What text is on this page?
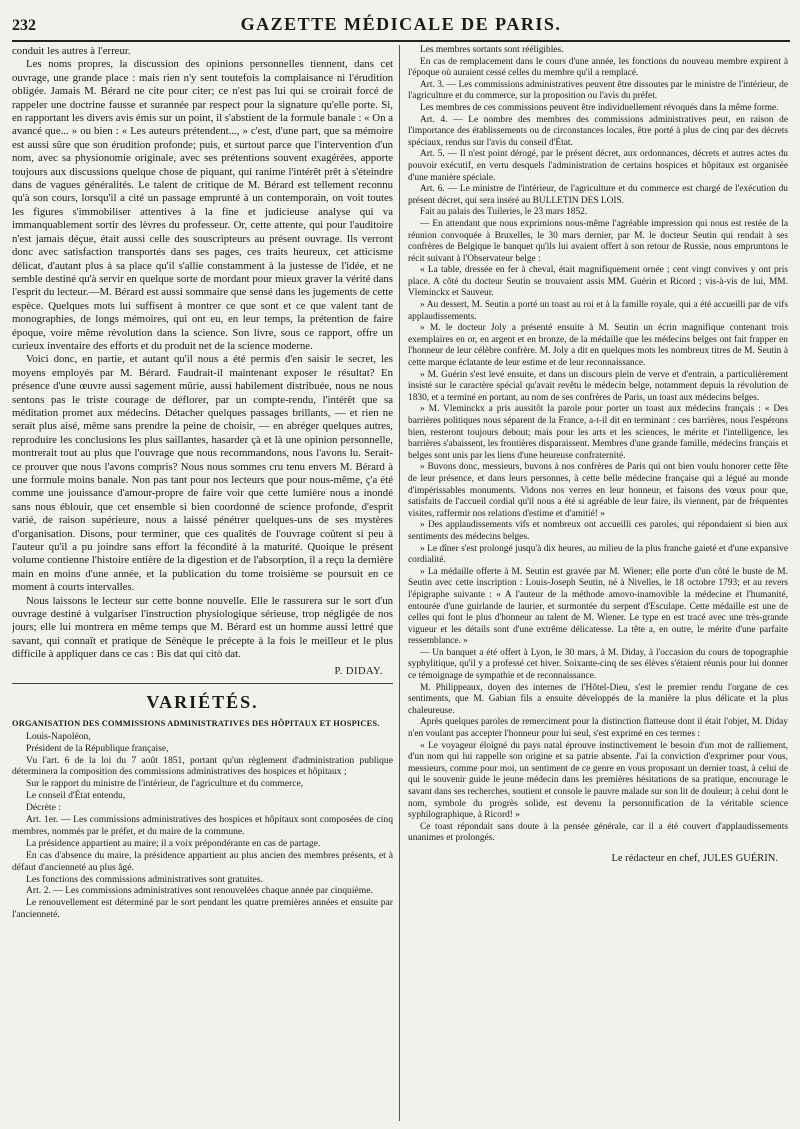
232	GAZETTE MÉDICALE DE PARIS.

conduit les autres à l'erreur.

Les noms propres, la discussion des opinions personnelles tiennent, dans cet ouvrage, une grande place : mais rien n'y sent toutefois la complaisance ni l'érudition obligée. Jamais M. Bérard ne cite pour citer; ce n'est pas lui qui se croirait forcé de rappeler une doctrine fausse et surannée par respect pour la signature qu'elle porte. Si, en rapportant les divers avis émis sur un point, il s'abstient de la formule banale : « On a avancé que... » ou bien : « Les auteurs prétendent..., » c'est, d'une part, que sa mémoire est aussi sûre que son érudition profonde; puis, et surtout parce que l'intervention d'un nom, avec sa physionomie originale, avec ses prétentions souvent exagérées, apporte toujours aux discussions quelque chose de piquant, qui ranime l'intérêt prêt à s'éteindre dans de vagues généralités. Le talent de critique de M. Bérard est tellement reconnu qu'à son cours, lorsqu'il a cité un passage emprunté à un contemporain, on voit toutes les figures s'immobiliser attentives à la fine et judicieuse analyse qui va immanquablement sortir des lèvres du professeur. Or, cette attente, qui pour l'auditoire n'est jamais déçue, était aussi celle des souscripteurs au présent ouvrage. Ils verront donc avec satisfaction transportés dans ses pages, ces traits heureux, cet atticisme délicat, d'autant plus à sa place qu'il s'allie constamment à la justesse de l'idée, et ne semble destiné qu'à servir en quelque sorte de mordant pour mieux graver la vérité dans l'esprit du lecteur.—M. Bérard est aussi sommaire que sensé dans les jugements de cette espèce. Quelques mots lui suffisent à montrer ce que sont et ce que valent tant de monographies, de longs mémoires, qui ont eu, en leur temps, la prétention de faire époque, voire même révolution dans la science. Son livre, sous ce rapport, offre un curieux inventaire des efforts et du produit net de la science moderne.

Voici donc, en partie, et autant qu'il nous a été permis d'en saisir le secret, les moyens employés par M. Bérard. Faudrait-il maintenant exposer le résultat? En présence d'une œuvre aussi sagement mûrie, aussi habilement distribuée, nous ne nous sentons pas le triste courage de déflorer, par un compte-rendu, l'intérêt que sa méditation promet aux médecins. Détacher quelques passages brillants, — et rien ne serait plus aisé, même sans prendre la peine de choisir, — en abréger quelques autres, reproduire les conclusions les plus saillantes, hasarder çà et là une opinion personnelle, montrerait tout au plus que l'ouvrage que nous recommandons, nous l'avons lu. Serait-ce prouver que nous l'avons compris? Nous nous sommes cru tenu envers M. Bérard à une formule moins banale. Non pas tant pour nos lecteurs que pour nous-même, ç'a été comme une jouissance d'amour-propre de faire voir que cette lumière nous a inondé sans nous éblouir, que cet ensemble si bien coordonné de science profonde, d'esprit varié, de raison supérieure, nous a laissé pénétrer quelques-uns de ses mystères d'organisation. Disons, pour terminer, que ces qualités de l'ouvrage coûtent si peu à l'auteur qu'il a pu joindre sans effort la fécondité à la maturité. Quoique le présent volume contienne l'histoire entière de la digestion et de l'absorption, il a reçu la dernière main en moins d'une année, et la publication du tome troisième se poursuit en ce moment à courts intervalles.

Nous laissons le lecteur sur cette bonne nouvelle. Elle le rassurera sur le sort d'un ouvrage destiné à vulgariser l'instruction physiologique sérieuse, trop négligée de nos jours; elle lui montrera en même temps que M. Bérard est un homme aussi lettré que savant, qui connaît et pratique de Sénèque le précepte à la fois le meilleur et le plus difficile à appliquer dans ce cas : Bis dat qui citò dat.

P. DIDAY.
VARIÉTÉS.
ORGANISATION DES COMMISSIONS ADMINISTRATIVES DES HÔPITAUX ET HOSPICES.

Louis-Napoléon,

Président de la République française,

Vu l'art. 6 de la loi du 7 août 1851, portant qu'un règlement d'administration publique déterminera la composition des commissions administratives des hospices et hôpitaux ;

Sur le rapport du ministre de l'intérieur, de l'agriculture et du commerce,

Le conseil d'État entendu,

Décrète :

Art. 1er. — Les commissions administratives des hospices et hôpitaux sont composées de cinq membres, nommés par le préfet, et du maire de la commune.

La présidence appartient au maire; il a voix prépondérante en cas de partage.

En cas d'absence du maire, la présidence appartient au plus ancien des membres présents, et à défaut d'ancienneté au plus âgé.

Les fonctions des commissions administratives sont gratuites.

Art. 2. — Les commissions administratives sont renouvelées chaque année par cinquième.

Le renouvellement est déterminé par le sort pendant les quatre premières années et ensuite par l'ancienneté.

Les membres sortants sont rééligibles.

En cas de remplacement dans le cours d'une année, les fonctions du nouveau membre expirent à l'époque où auraient cessé celles du membre qu'il a remplacé.

Art. 3. — Les commissions administratives peuvent être dissoutes par le ministre de l'intérieur, de l'agriculture et du commerce, sur la proposition ou l'avis du préfet.

Les membres de ces commissions peuvent être individuellement révoqués dans la même forme.

Art. 4. — Le nombre des membres des commissions administratives peut, en raison de l'importance des établissements ou de circonstances locales, être porté à plus de cinq par des décrets spéciaux, rendus sur l'avis du conseil d'État.

Art. 5. — Il n'est point dérogé, par le présent décret, aux ordonnances, décrets et autres actes du pouvoir exécutif, en vertu desquels l'administration de certains hospices et hôpitaux est organisée d'une manière spéciale.

Art. 6. — Le ministre de l'intérieur, de l'agriculture et du commerce est chargé de l'exécution du présent décret, qui sera inséré au BULLETIN DES LOIS.

Fait au palais des Tuileries, le 23 mars 1852.

— En attendant que nous exprimions nous-même l'agréable impression qui nous est restée de la réunion convoquée à Bruxelles, le 30 mars dernier, par M. le docteur Seutin qui rendait à ses confrères de Belgique le banquet qu'ils lui avaient offert à son retour de Russie, nous empruntons le récit suivant à l'Observateur belge :

« La table, dressée en fer à cheval, était magnifiquement ornée ; cent vingt convives y ont pris place. A côté du docteur Seutin se trouvaient assis MM. Guérin et Ricord ; vis-à-vis de lui, MM. Vleminckx et Sauveur.

» Au dessert, M. Seutin a porté un toast au roi et à la famille royale, qui a été accueilli par de vifs applaudissements.

» M. le docteur Joly a présenté ensuite à M. Seutin un écrin magnifique contenant trois exemplaires en or, en argent et en bronze, de la médaille que les médecins belges ont fait frapper en l'honneur de leur célèbre confrère. M. Joly a dit en quelques mots les nombreux titres de M. Seutin à cette marque éclatante de leur estime et de leur reconnaissance.

» M. Guérin s'est levé ensuite, et dans un discours plein de verve et d'entrain, a particulièrement insisté sur le caractère spécial qu'avait revêtu le médecin belge, notamment depuis la révolution de 1830, et a terminé en portant, au nom de ses confrères de Paris, un toast aux médecins belges.

» M. Vleminckx a pris aussitôt la parole pour porter un toast aux médecins français : « Des barrières politiques nous séparent de la France, a-t-il dit en terminant : ces barrières, nous l'espérons bien, resteront toujours debout; mais pour les arts et les sciences, le mérite et l'intelligence, les barrières s'abaissent, les frontières disparaissent. Membres d'une grande famille, médecins français et belges sont unis par les liens d'une heureuse confraternité.

» Buvons donc, messieurs, buvons à nos confrères de Paris qui ont bien voulu honorer cette fête de leur présence, et dans leurs personnes, à cette belle médecine française qui a légué au monde d'impérissables monuments. Vidons nos verres en leur honneur, et faisons des vœux pour que, satisfaits de l'accueil cordial qu'il nous a été si agréable de leur faire, ils viennent, par de fréquentes visites, raffermir nos relations d'estime et d'amitié! »

» Des applaudissements vifs et nombreux ont accueilli ces paroles, qui répondaient si bien aux sentiments des médecins belges.

» Le dîner s'est prolongé jusqu'à dix heures, au milieu de la plus franche gaieté et d'une expansive cordialité.

» La médaille offerte à M. Seutin est gravée par M. Wiener; elle porte d'un côté le buste de M. Seutin avec cette inscription : Louis-Joseph Seutin, né à Nivelles, le 18 octobre 1793; et au revers l'épigraphe suivante : « A l'auteur de la méthode amovo-inamovible la médecine et l'humanité, entourée d'une guirlande de laurier, et surmontée du serpent d'Esculape. Cette médaille est une de celles qui font le plus d'honneur au talent de M. Wiener. Le type en est tracé avec une très-grande vigueur et les détails sont d'une extrême délicatesse. La tête a, en outre, le mérite d'une parfaite ressemblance. »

— Un banquet a été offert à Lyon, le 30 mars, à M. Diday, à l'occasion du cours de topographie syphylitique, qu'il y a professé cet hiver. Soixante-cinq de ses élèves s'étaient réunis pour lui donner ce témoignage de sympathie et de reconnaissance.

M. Philippeaux, doyen des internes de l'Hôtel-Dieu, s'est le premier rendu l'organe de ces sentiments, que M. Gabian fils a ensuite développés de la manière la plus délicate et la plus chaleureuse.

Après quelques paroles de remerciment pour la distinction flatteuse dont il était l'objet, M. Diday n'en voulant pas accepter l'honneur pour lui seul, s'est exprimé en ces termes :

« Le voyageur éloigné du pays natal éprouve instinctivement le besoin d'un mot de ralliement, d'un nom qui lui rappelle son origine et sa patrie absente. J'ai la conviction d'exprimer pour vous, messieurs, comme pour moi, un sentiment de ce genre en vous proposant un dernier toast, à celui de qui le souvenir guide le jeune médecin dans les premières hésitations de sa pratique, encourage le savant dans ses recherches, soutient et console le pauvre malade sur son lit de douleur; à celui dont le nom, symbole du progrès solide, est devenu la personnification de la véritable science syphilographique, à Ricord! »

Ce toast répondait sans doute à la pensée générale, car il a été couvert d'applaudissements unanimes et prolongés.

Le rédacteur en chef, JULES GUÉRIN.
